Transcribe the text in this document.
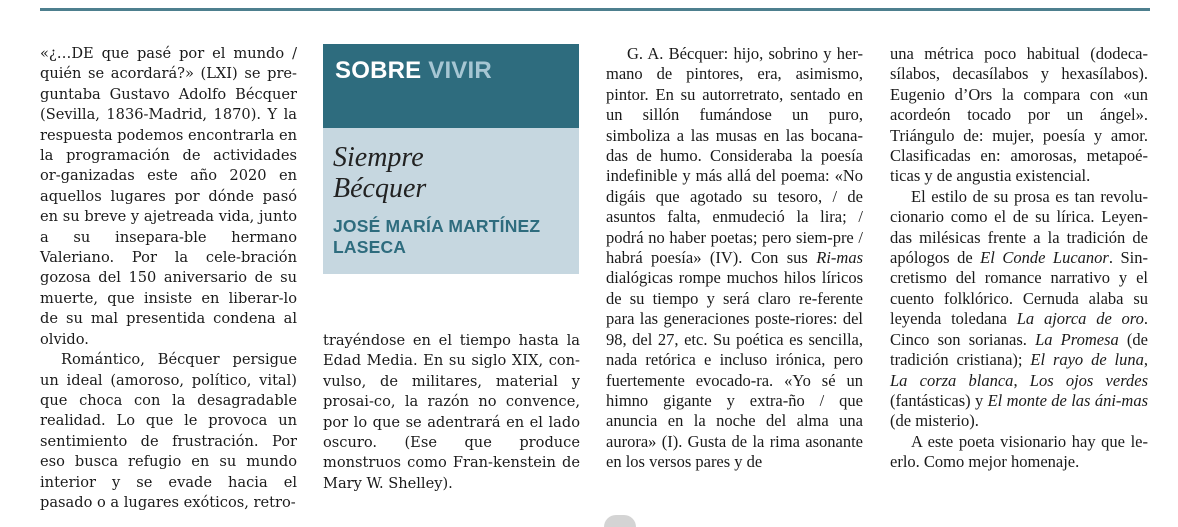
«¿…DE que pasé por el mundo / quién se acordará?» (LXI) se pre-guntaba Gustavo Adolfo Bécquer (Sevilla, 1836-Madrid, 1870). Y la respuesta podemos encontrarla en la programación de actividades or-ganizadas este año 2020 en aquellos lugares por dónde pasó en su breve y ajetreada vida, junto a su insepara-ble hermano Valeriano. Por la cele-bración gozosa del 150 aniversario de su muerte, que insiste en liberar-lo de su mal presentida condena al olvido.

Romántico, Bécquer persigue un ideal (amoroso, político, vital) que choca con la desagradable realidad. Lo que le provoca un sentimiento de frustración. Por eso busca refugio en su mundo interior y se evade hacia el pasado o a lugares exóticos, retro-

SOBRE VIVIR
Siempre
Bécquer
JOSÉ MARÍA MARTÍNEZ
LASECA

trayéndose en el tiempo hasta la Edad Media. En su siglo XIX, con-vulso, de militares, material y prosai-co, la razón no convence, por lo que se adentrará en el lado oscuro. (Ese que produce monstruos como Fran-kenstein de Mary W. Shelley).

G. A. Bécquer: hijo, sobrino y her-mano de pintores, era, asimismo, pintor. En su autorretrato, sentado en un sillón fumándose un puro, simboliza a las musas en las bocana-das de humo. Consideraba la poesía indefinible y más allá del poema: «No digáis que agotado su tesoro, / de asuntos falta, enmudeció la lira; / podrá no haber poetas; pero siem-pre / habrá poesía» (IV). Con sus Ri-mas dialógicas rompe muchos hilos líricos de su tiempo y será claro re-ferente para las generaciones poste-riores: del 98, del 27, etc. Su poética es sencilla, nada retórica e incluso irónica, pero fuertemente evocado-ra. «Yo sé un himno gigante y extra-ño / que anuncia en la noche del alma una aurora» (I). Gusta de la rima asonante en los versos pares y de

una métrica poco habitual (dodeca-sílabos, decasílabos y hexasílabos). Eugenio d’Ors la compara con «un acordeón tocado por un ángel». Triángulo de: mujer, poesía y amor. Clasificadas en: amorosas, metapoé-ticas y de angustia existencial.

El estilo de su prosa es tan revolu-cionario como el de su lírica. Leyen-das milésicas frente a la tradición de apólogos de El Conde Lucanor. Sin-cretismo del romance narrativo y el cuento folklórico. Cernuda alaba su leyenda toledana La ajorca de oro. Cinco son sorianas. La Promesa (de tradición cristiana); El rayo de luna, La corza blanca, Los ojos verdes (fantásticas) y El monte de las áni-mas (de misterio).

A este poeta visionario hay que le-erlo. Como mejor homenaje.
